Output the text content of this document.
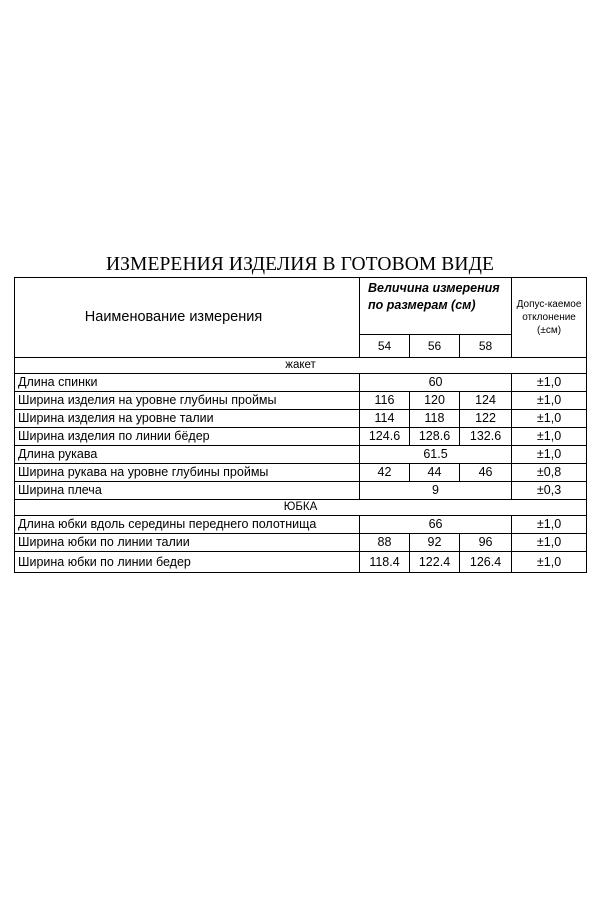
ИЗМЕРЕНИЯ ИЗДЕЛИЯ В ГОТОВОМ ВИДЕ
Наименование измерения	Величина измерения по размерам (см)			Допус-каемое отклонение (±см)
	54	56	58	
жакет				
Длина спинки	60			±1,0
Ширина изделия на уровне глубины проймы	116	120	124	±1,0
Ширина изделия на уровне талии	114	118	122	±1,0
Ширина изделия по линии бёдер	124.6	128.6	132.6	±1,0
Длина рукава	61.5			±1,0
Ширина рукава на уровне глубины проймы	42	44	46	±0,8
Ширина плеча	9			±0,3
ЮБКА				
Длина юбки вдоль середины переднего полотнища	66			±1,0
Ширина юбки по линии талии	88	92	96	±1,0
Ширина юбки по линии бедер	118.4	122.4	126.4	±1,0
